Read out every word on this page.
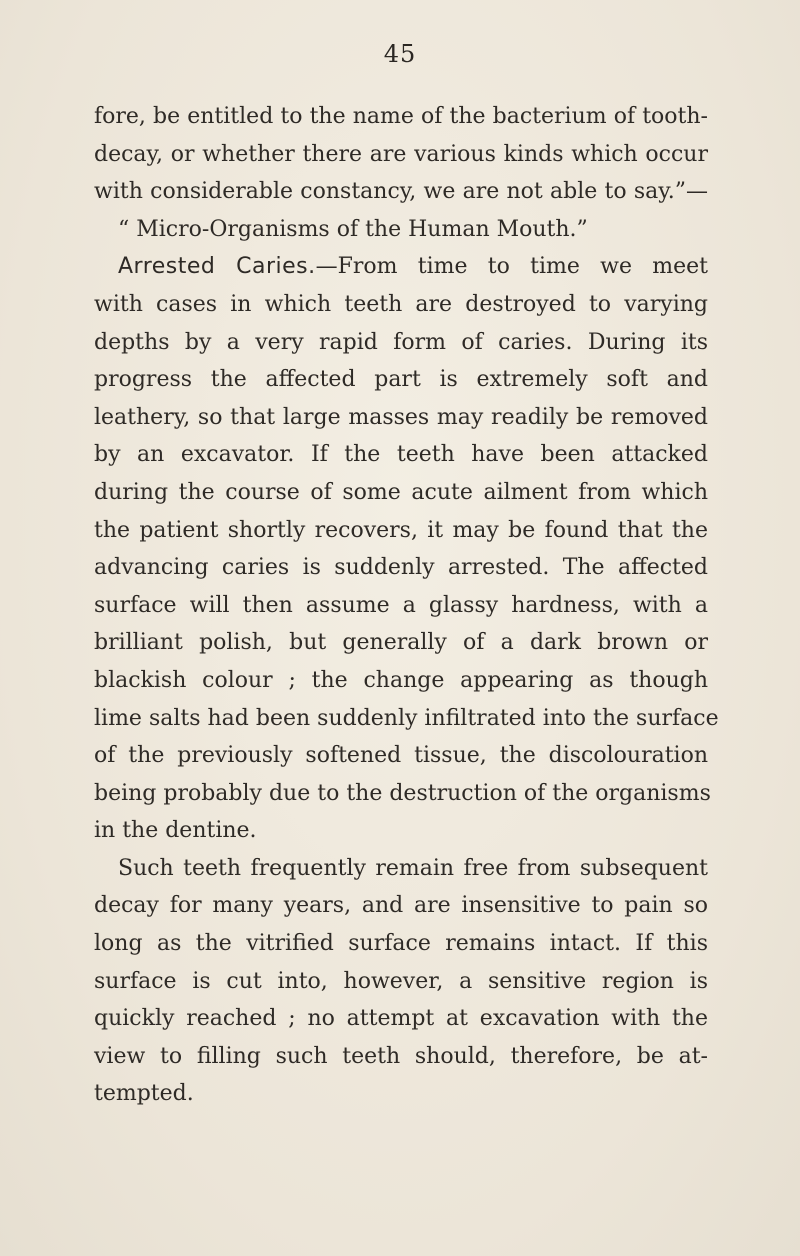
45
fore, be entitled to the name of the bacterium of tooth-
decay, or whether there are various kinds which occur
with considerable constancy, we are not able to say.”—
“ Micro-Organisms of the Human Mouth.”
Arrested Caries.—From time to time we meet
with cases in which teeth are destroyed to varying
depths by a very rapid form of caries. During its
progress the affected part is extremely soft and
leathery, so that large masses may readily be removed
by an excavator. If the teeth have been attacked
during the course of some acute ailment from which
the patient shortly recovers, it may be found that the
advancing caries is suddenly arrested. The affected
surface will then assume a glassy hardness, with a
brilliant polish, but generally of a dark brown or
blackish colour ; the change appearing as though
lime salts had been suddenly infiltrated into the surface
of the previously softened tissue, the discolouration
being probably due to the destruction of the organisms
in the dentine.
Such teeth frequently remain free from subsequent
decay for many years, and are insensitive to pain so
long as the vitrified surface remains intact. If this
surface is cut into, however, a sensitive region is
quickly reached ; no attempt at excavation with the
view to filling such teeth should, therefore, be at-
tempted.
